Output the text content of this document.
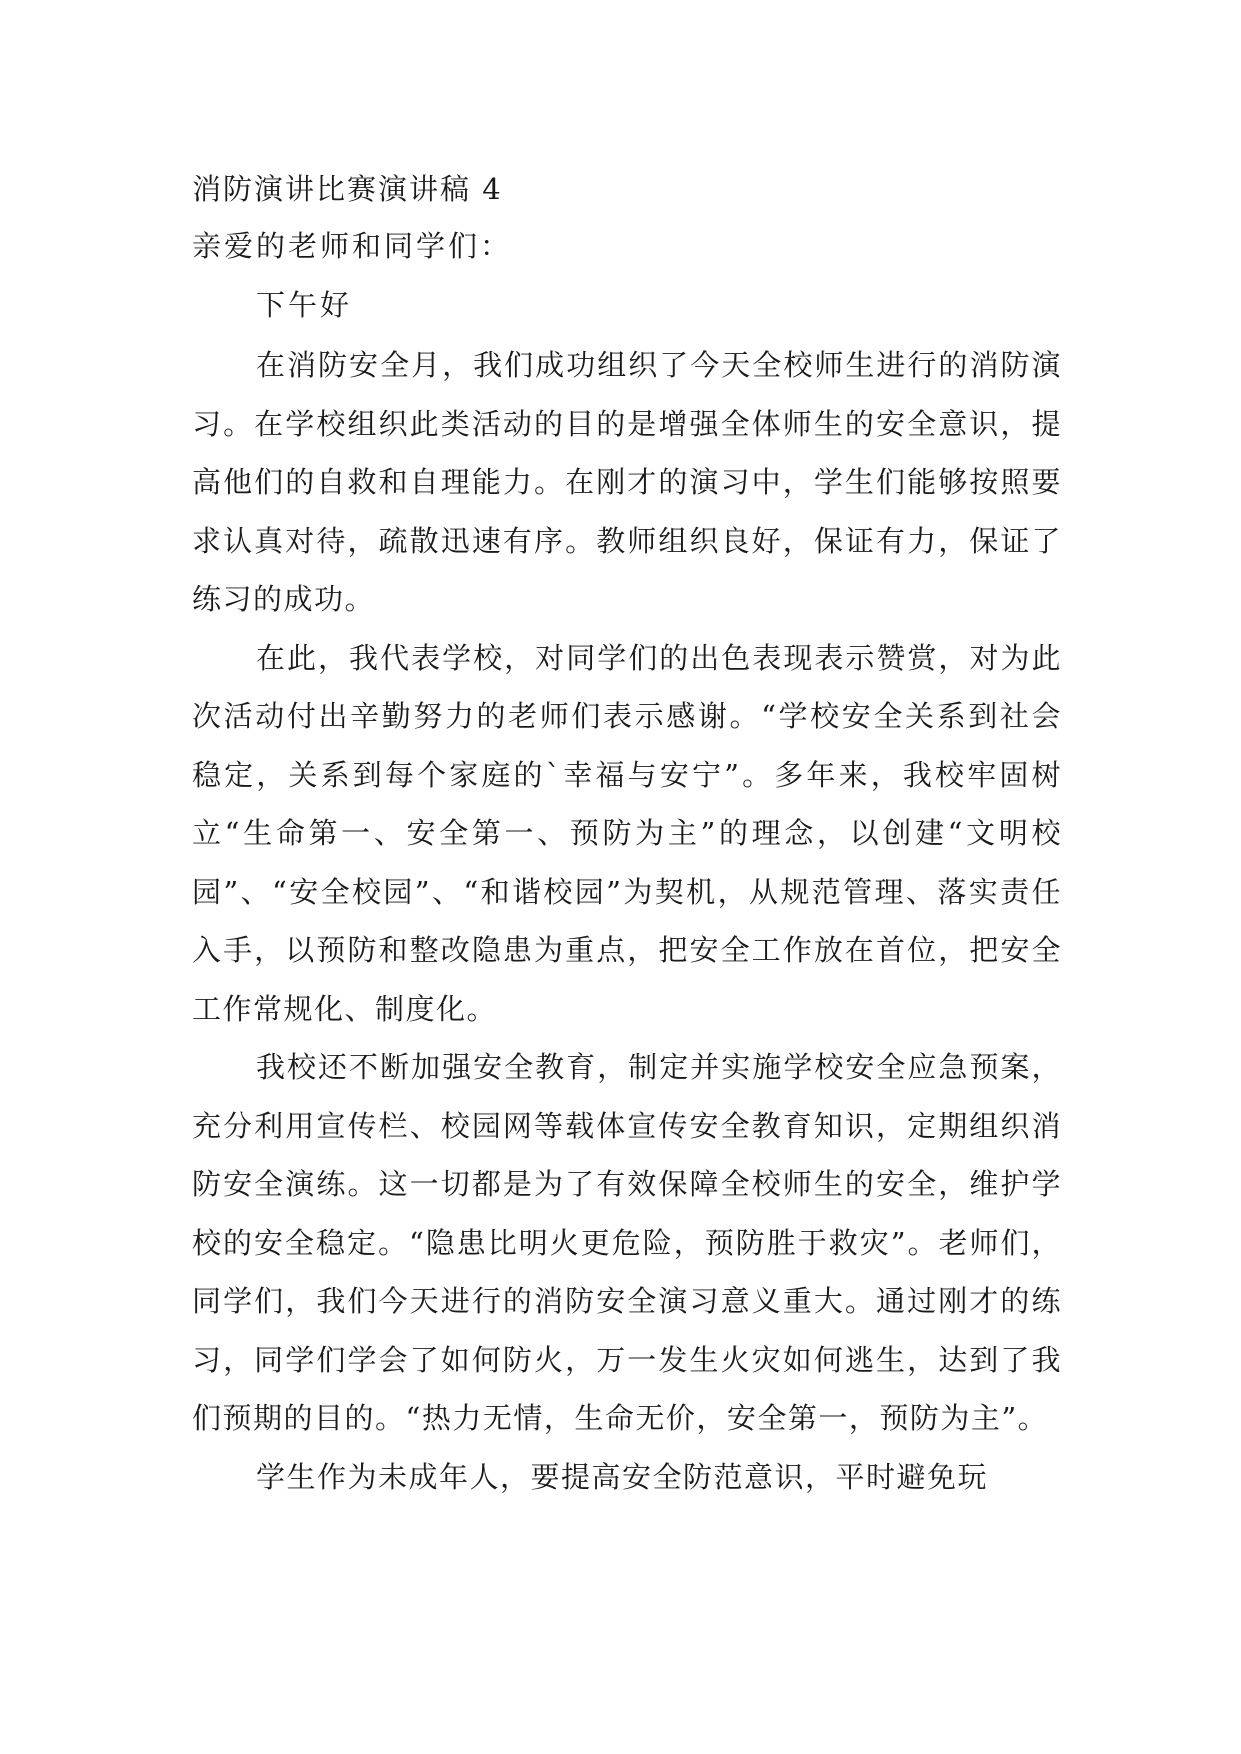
消防演讲比赛演讲稿 4

亲爱的老师和同学们：

下午好

在消防安全月，我们成功组织了今天全校师生进行的消防演习。在学校组织此类活动的目的是增强全体师生的安全意识，提高他们的自救和自理能力。在刚才的演习中，学生们能够按照要求认真对待，疏散迅速有序。教师组织良好，保证有力，保证了练习的成功。

在此，我代表学校，对同学们的出色表现表示赞赏，对为此次活动付出辛勤努力的老师们表示感谢。“学校安全关系到社会稳定，关系到每个家庭的`幸福与安宁”。多年来，我校牢固树立“生命第一、安全第一、预防为主”的理念，以创建“文明校园”、“安全校园”、“和谐校园”为契机，从规范管理、落实责任入手，以预防和整改隐患为重点，把安全工作放在首位，把安全工作常规化、制度化。

我校还不断加强安全教育，制定并实施学校安全应急预案，充分利用宣传栏、校园网等载体宣传安全教育知识，定期组织消防安全演练。这一切都是为了有效保障全校师生的安全，维护学校的安全稳定。“隐患比明火更危险，预防胜于救灾”。老师们，同学们，我们今天进行的消防安全演习意义重大。通过刚才的练习，同学们学会了如何防火，万一发生火灾如何逃生，达到了我们预期的目的。“热力无情，生命无价，安全第一，预防为主”。

学生作为未成年人，要提高安全防范意识，平时避免玩
